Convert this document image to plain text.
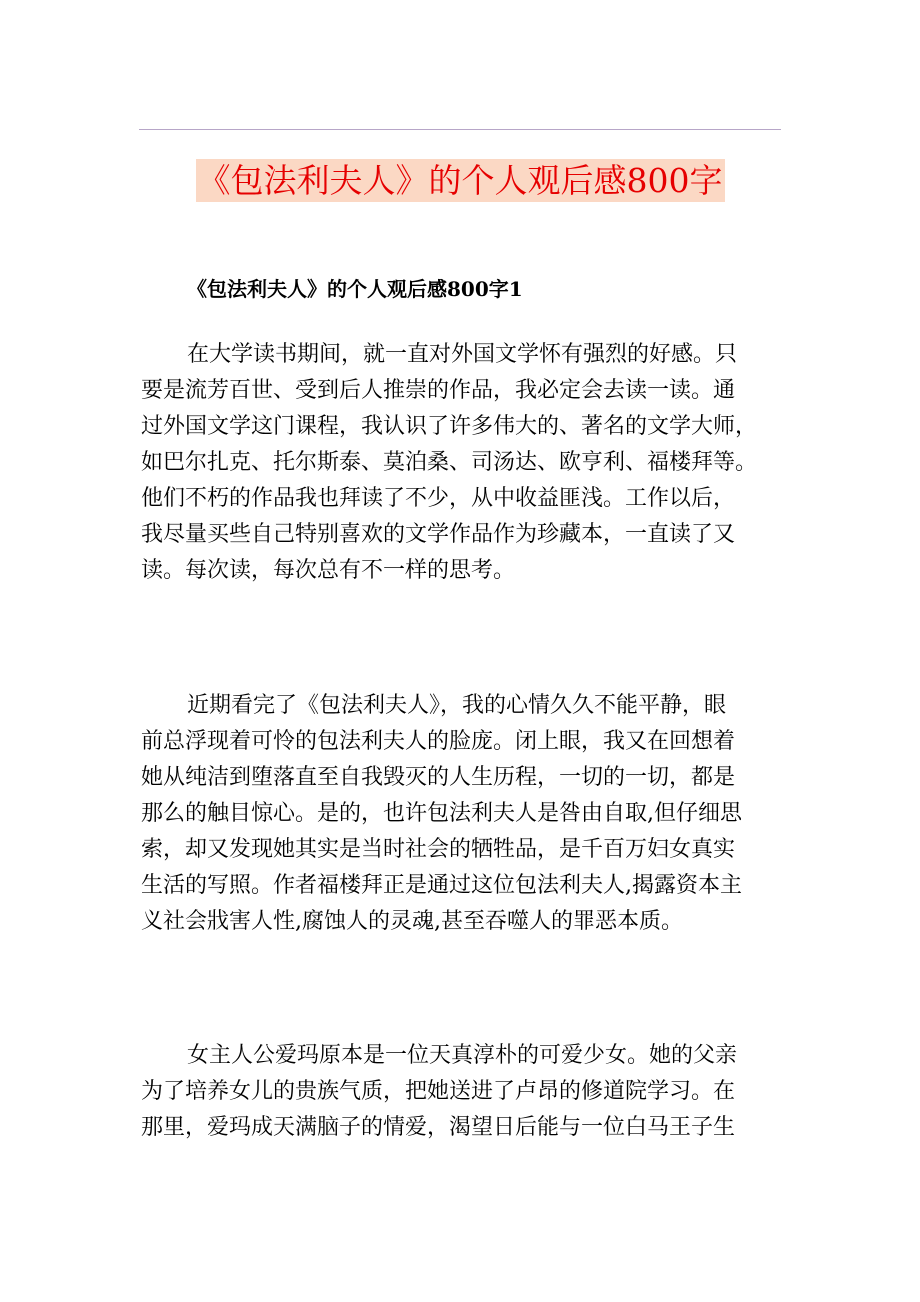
《包法利夫人》的个人观后感800字
《包法利夫人》的个人观后感800字1
在大学读书期间，就一直对外国文学怀有强烈的好感。只
要是流芳百世、受到后人推崇的作品，我必定会去读一读。通
过外国文学这门课程，我认识了许多伟大的、著名的文学大师，
如巴尔扎克、托尔斯泰、莫泊桑、司汤达、欧亨利、福楼拜等。
他们不朽的作品我也拜读了不少，从中收益匪浅。工作以后，
我尽量买些自己特别喜欢的文学作品作为珍藏本，一直读了又
读。每次读，每次总有不一样的思考。
近期看完了《包法利夫人》，我的心情久久不能平静，眼
前总浮现着可怜的包法利夫人的脸庞。闭上眼，我又在回想着
她从纯洁到堕落直至自我毁灭的人生历程，一切的一切，都是
那么的触目惊心。是的，也许包法利夫人是咎由自取,但仔细思
索，却又发现她其实是当时社会的牺牲品，是千百万妇女真实
生活的写照。作者福楼拜正是通过这位包法利夫人,揭露资本主
义社会戕害人性,腐蚀人的灵魂,甚至吞噬人的罪恶本质。
女主人公爱玛原本是一位天真淳朴的可爱少女。她的父亲
为了培养女儿的贵族气质，把她送进了卢昂的修道院学习。在
那里，爱玛成天满脑子的情爱，渴望日后能与一位白马王子生
